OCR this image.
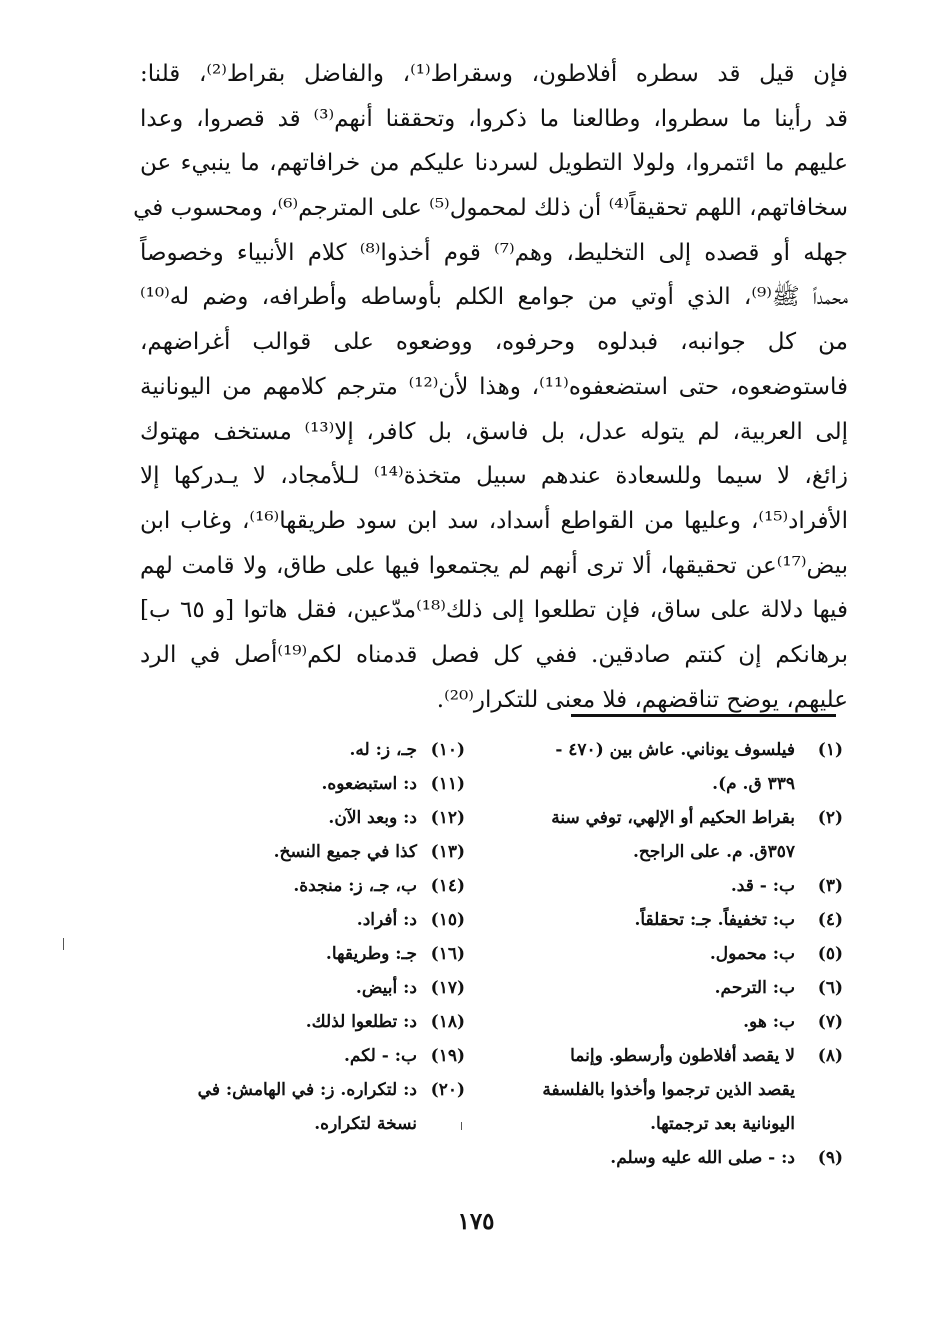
فإن قيل قد سطره أفلاطون، وسقراط⁽¹⁾، والفاضل بقراط⁽²⁾، قلنا:
قد رأينا ما سطروا، وطالعنا ما ذكروا، وتحققنا أنهم⁽³⁾ قد قصروا، وعدا
عليهم ما ائتمروا، ولولا التطويل لسردنا عليكم من خرافاتهم، ما ينبيء عن
سخافاتهم، اللهم تحقيقاً⁽⁴⁾ أن ذلك لمحمول⁽⁵⁾ على المترجم⁽⁶⁾، ومحسوب في
جهله أو قصده إلى التخليط، وهم⁽⁷⁾ قوم أخذوا⁽⁸⁾ كلام الأنبياء وخصوصاً
محمداً ﷺ⁽⁹⁾، الذي أوتي من جوامع الكلم بأوساطه وأطرافه، وضم له⁽¹⁰⁾
من كل جوانبه، فبدلوه وحرفوه، ووضعوه على قوالب أغراضهم،
فاستوضعوه، حتى استضعفوه⁽¹¹⁾، وهذا لأن⁽¹²⁾ مترجم كلامهم من اليونانية
إلى العربية، لم يتوله عدل، بل فاسق، بل كافر، إلا⁽¹³⁾ مستخف مهتوك
زائغ، لا سيما وللسعادة عندهم سبيل متخذة⁽¹⁴⁾ لـلأمجاد، لا يـدركها إلا
الأفراد⁽¹⁵⁾، وعليها من القواطع أسداد، سد ابن سود طريقها⁽¹⁶⁾، وغاب ابن
بيض⁽¹⁷⁾عن تحقيقها، ألا ترى أنهم لم يجتمعوا فيها على طاق، ولا قامت لهم
فيها دلالة على ساق، فإن تطلعوا إلى ذلك⁽¹⁸⁾مدّعين، فقل هاتوا [و ٦٥ ب]
برهانكم إن كنتم صادقين. ففي كل فصل قدمناه لكم⁽¹⁹⁾أصل في الرد
عليهم، يوضح تناقضهم، فلا معنى للتكرار⁽²⁰⁾.
(١)
فيلسوف يوناني. عاش بين (٤٧٠ -
٣٣٩ ق. م).
(٢)
بقراط الحكيم أو الإلهي، توفي سنة
٣٥٧ق. م. على الراجح.
(٣)
ب: - قد.
(٤)
ب: تخفيفاً. جـ: تحقلقاً.
(٥)
ب: محمول.
(٦)
ب: الترحم.
(٧)
ب: هو.
(٨)
لا يقصد أفلاطون وأرسطو. وإنما
يقصد الذين ترجموا وأخذوا بالفلسفة
اليونانية بعد ترجمتها.
(٩)
د: - صلى الله عليه وسلم.
(١٠)
جـ، ز: له.
(١١)
د: استبضعوه.
(١٢)
د: وبعد الآن.
(١٣)
كذا في جميع النسخ.
(١٤)
ب، جـ، ز: منجدة.
(١٥)
د: أفراد.
(١٦)
جـ: وطريقها.
(١٧)
د: أبيض.
(١٨)
د: تطلعوا لذلك.
(١٩)
ب: - لكم.
(٢٠)
د: لتكراره. ز: في الهامش: في
نسخة لتكراره.
١٧٥
